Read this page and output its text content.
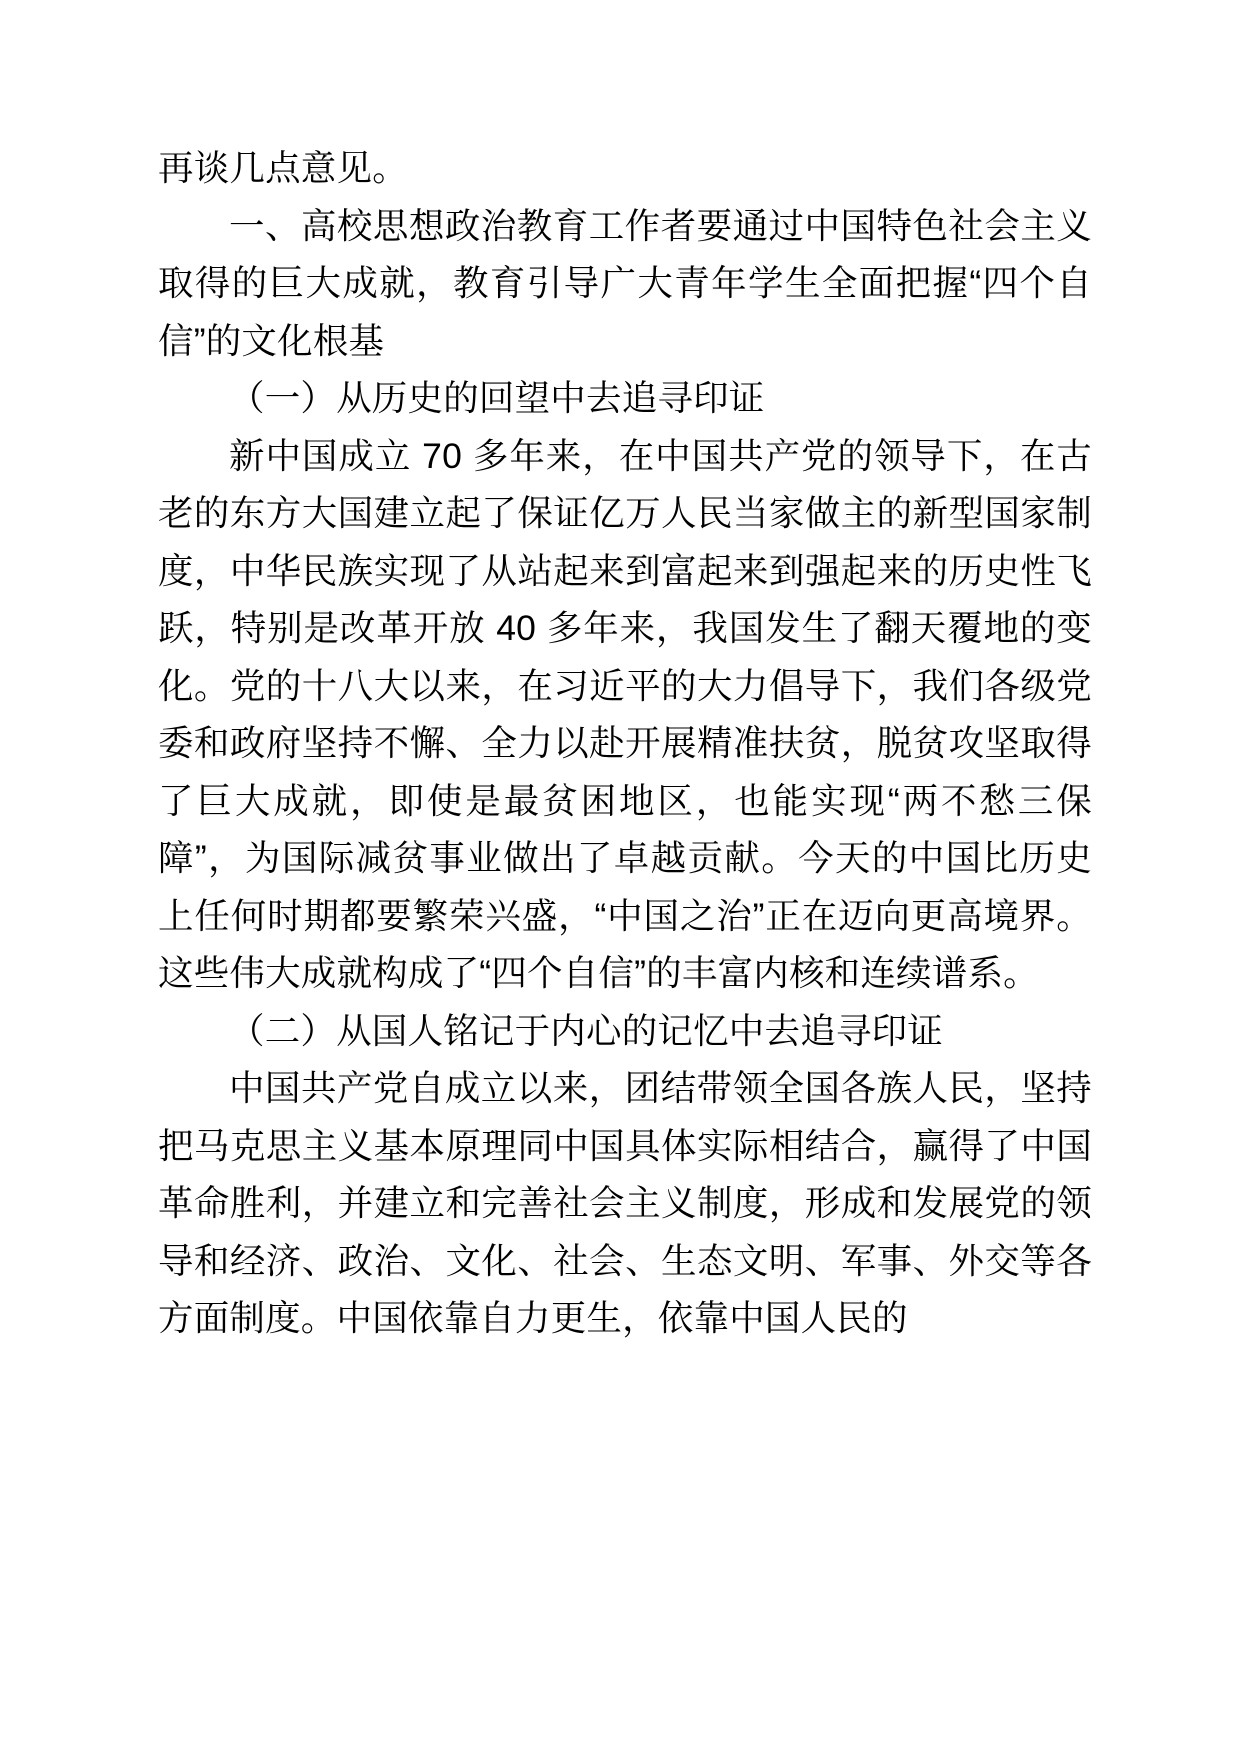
再谈几点意见。

一、高校思想政治教育工作者要通过中国特色社会主义取得的巨大成就，教育引导广大青年学生全面把握“四个自信”的文化根基

（一）从历史的回望中去追寻印证

新中国成立 70 多年来，在中国共产党的领导下，在古老的东方大国建立起了保证亿万人民当家做主的新型国家制度，中华民族实现了从站起来到富起来到强起来的历史性飞跃，特别是改革开放 40 多年来，我国发生了翻天覆地的变化。党的十八大以来，在习近平的大力倡导下，我们各级党委和政府坚持不懈、全力以赴开展精准扶贫，脱贫攻坚取得了巨大成就，即使是最贫困地区，也能实现“两不愁三保障”，为国际减贫事业做出了卓越贡献。今天的中国比历史上任何时期都要繁荣兴盛，“中国之治”正在迈向更高境界。这些伟大成就构成了“四个自信”的丰富内核和连续谱系。

（二）从国人铭记于内心的记忆中去追寻印证

中国共产党自成立以来，团结带领全国各族人民，坚持把马克思主义基本原理同中国具体实际相结合，赢得了中国革命胜利，并建立和完善社会主义制度，形成和发展党的领导和经济、政治、文化、社会、生态文明、军事、外交等各方面制度。中国依靠自力更生，依靠中国人民的
